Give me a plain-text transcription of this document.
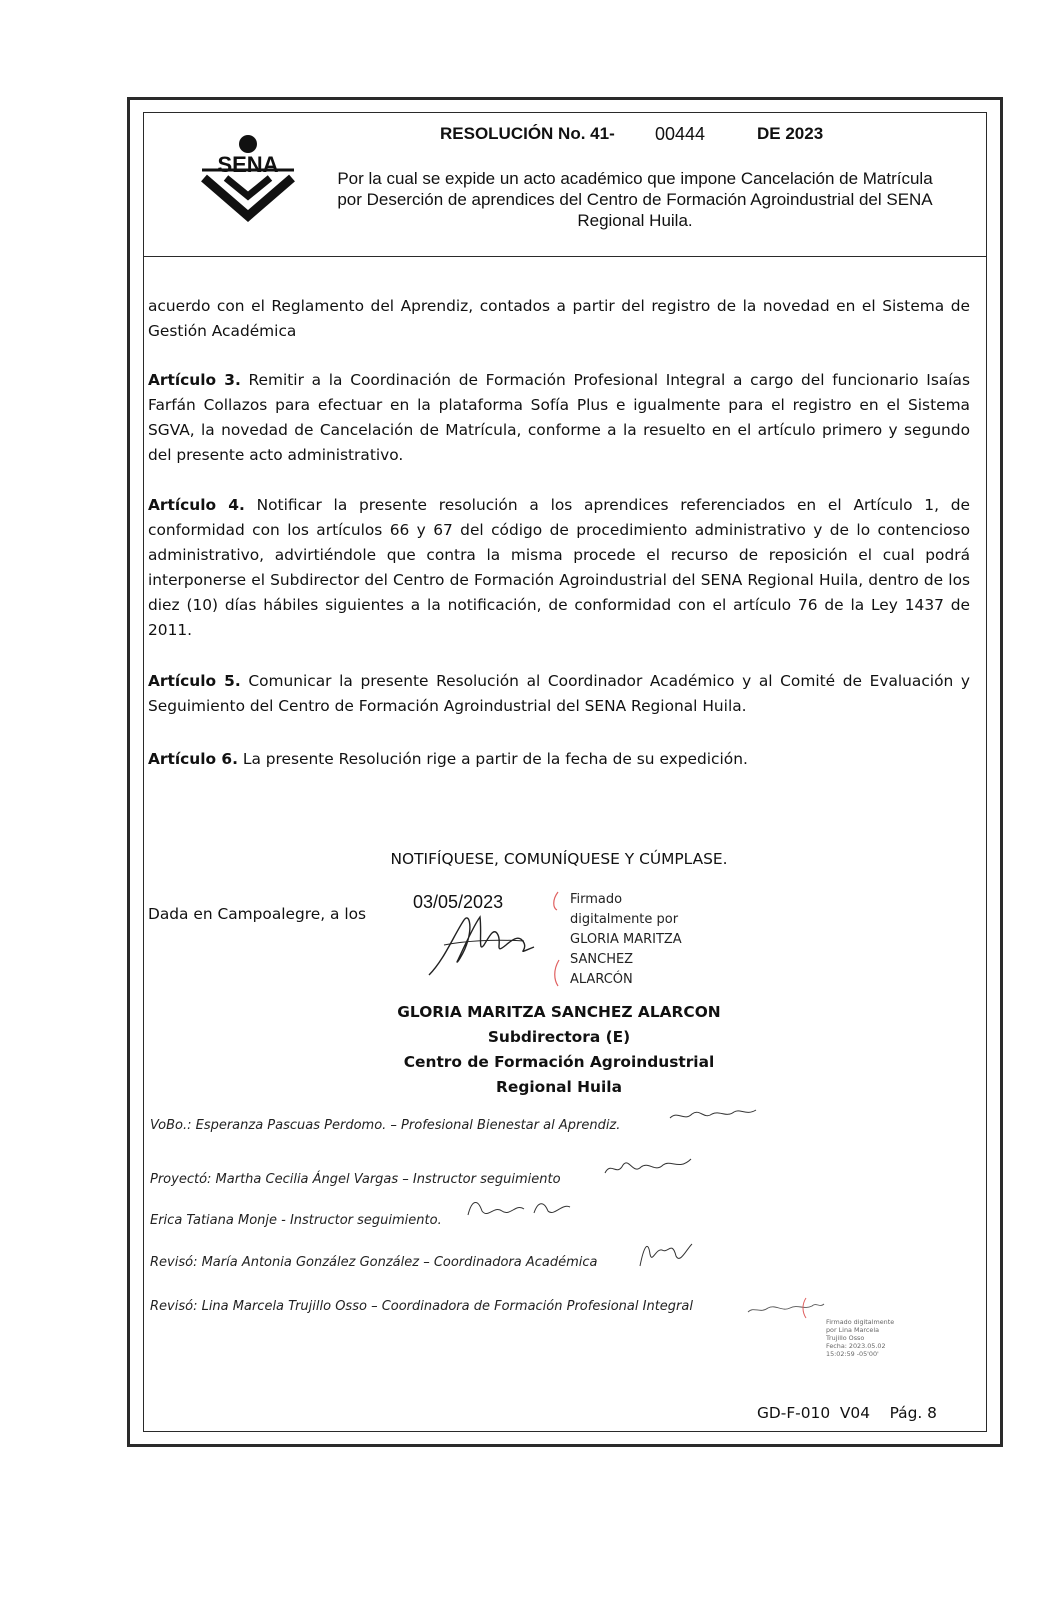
SENA
RESOLUCIÓN No. 41- 00444	DE 2023
Por la cual se expide un acto académico que impone Cancelación de Matrícula por Deserción de aprendices del Centro de Formación Agroindustrial del SENA Regional Huila.
acuerdo con el Reglamento del Aprendiz, contados a partir del registro de la novedad en el Sistema de Gestión Académica
Artículo 3. Remitir a la Coordinación de Formación Profesional Integral a cargo del funcionario Isaías Farfán Collazos para efectuar en la plataforma Sofía Plus e igualmente para el registro en el Sistema SGVA, la novedad de Cancelación de Matrícula, conforme a la resuelto en el artículo primero y segundo del presente acto administrativo.
Artículo 4. Notificar la presente resolución a los aprendices referenciados en el Artículo 1, de conformidad con los artículos 66 y 67 del código de procedimiento administrativo y de lo contencioso administrativo, advirtiéndole que contra la misma procede el recurso de reposición el cual podrá interponerse el Subdirector del Centro de Formación Agroindustrial del SENA Regional Huila, dentro de los diez (10) días hábiles siguientes a la notificación, de conformidad con el artículo 76 de la Ley 1437 de 2011.
Artículo 5. Comunicar la presente Resolución al Coordinador Académico y al Comité de Evaluación y Seguimiento del Centro de Formación Agroindustrial del SENA Regional Huila.
Artículo 6. La presente Resolución rige a partir de la fecha de su expedición.
NOTIFÍQUESE, COMUNÍQUESE Y CÚMPLASE.
Dada en Campoalegre, a los
03/05/2023	Firmado
digitalmente por
GLORIA MARITZA
SANCHEZ
ALARCÓN
GLORIA MARITZA SANCHEZ ALARCON
Subdirectora (E)
Centro de Formación Agroindustrial
Regional Huila
VoBo.: Esperanza Pascuas Perdomo. – Profesional Bienestar al Aprendiz.
Proyectó: Martha Cecilia Ángel Vargas – Instructor seguimiento
Erica Tatiana Monje - Instructor seguimiento.
Revisó: María Antonia González González – Coordinadora Académica
Revisó: Lina Marcela Trujillo Osso – Coordinadora de Formación Profesional Integral
Firmado digitalmente
por Lina Marcela
Trujillo Osso
Fecha: 2023.05.02
15:02:59 -05'00'
GD-F-010  V04    Pág. 8
